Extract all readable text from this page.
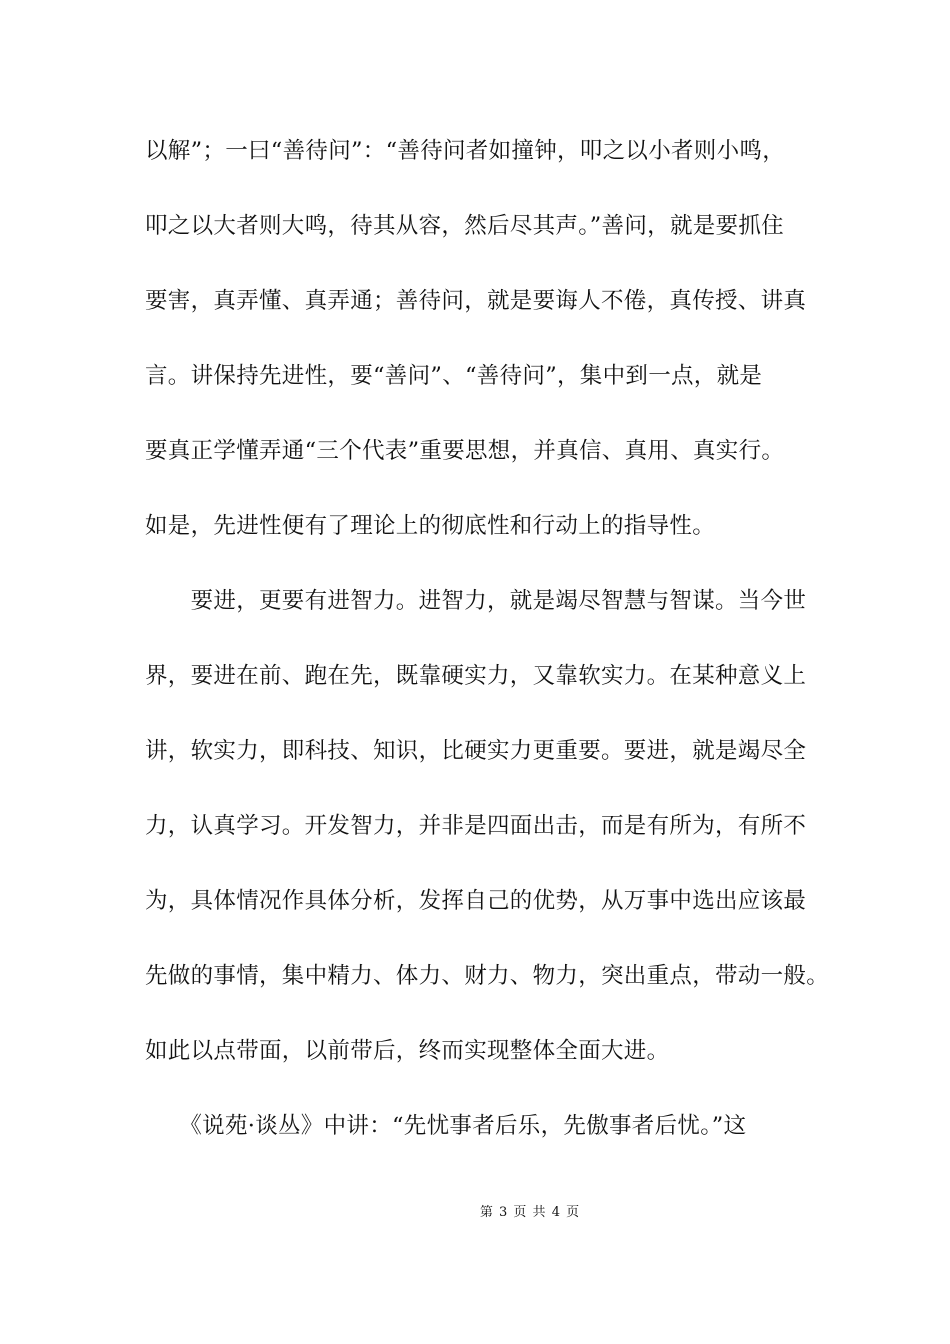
以解”；一曰“善待问”：“善待问者如撞钟，叩之以小者则小鸣，
叩之以大者则大鸣，待其从容，然后尽其声。”善问，就是要抓住
要害，真弄懂、真弄通；善待问，就是要诲人不倦，真传授、讲真
言。讲保持先进性，要“善问”、“善待问”，集中到一点，就是
要真正学懂弄通“三个代表”重要思想，并真信、真用、真实行。
如是，先进性便有了理论上的彻底性和行动上的指导性。
　　要进，更要有进智力。进智力，就是竭尽智慧与智谋。当今世
界，要进在前、跑在先，既靠硬实力，又靠软实力。在某种意义上
讲，软实力，即科技、知识，比硬实力更重要。要进，就是竭尽全
力，认真学习。开发智力，并非是四面出击，而是有所为，有所不
为，具体情况作具体分析，发挥自己的优势，从万事中选出应该最
先做的事情，集中精力、体力、财力、物力，突出重点，带动一般。
如此以点带面，以前带后，终而实现整体全面大进。
　　《说苑·谈丛》中讲：“先忧事者后乐，先傲事者后忧。”这
第 3 页 共 4 页
